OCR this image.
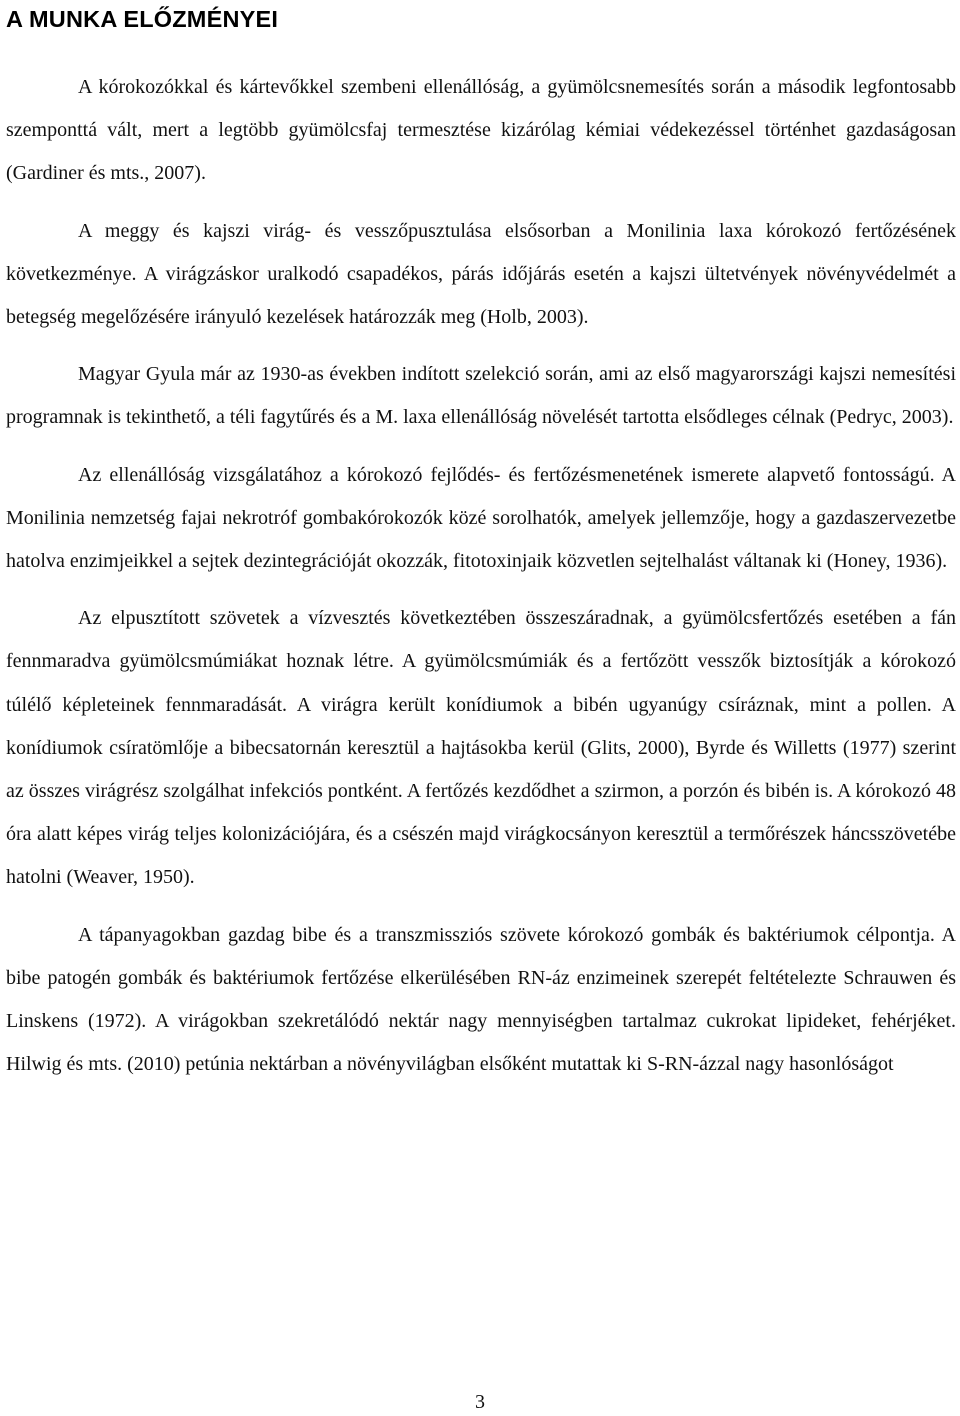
A MUNKA ELŐZMÉNYEI

A kórokozókkal és kártevőkkel szembeni ellenállóság, a gyümölcsnemesítés során a második legfontosabb szemponttá vált, mert a legtöbb gyümölcsfaj termesztése kizárólag kémiai védekezéssel történhet gazdaságosan (Gardiner és mts., 2007).

A meggy és kajszi virág- és vesszőpusztulása elsősorban a Monilinia laxa kórokozó fertőzésének következménye. A virágzáskor uralkodó csapadékos, párás időjárás esetén a kajszi ültetvények növényvédelmét a betegség megelőzésére irányuló kezelések határozzák meg (Holb, 2003).

Magyar Gyula már az 1930-as években indított szelekció során, ami az első magyarországi kajszi nemesítési programnak is tekinthető, a téli fagytűrés és a M. laxa ellenállóság növelését tartotta elsődleges célnak (Pedryc, 2003).

Az ellenállóság vizsgálatához a kórokozó fejlődés- és fertőzésmenetének ismerete alapvető fontosságú. A Monilinia nemzetség fajai nekrotróf gombakórokozók közé sorolhatók, amelyek jellemzője, hogy a gazdaszervezetbe hatolva enzimjeikkel a sejtek dezintegrációját okozzák, fitotoxinjaik közvetlen sejtelhalást váltanak ki (Honey, 1936).

Az elpusztított szövetek a vízvesztés következtében összeszáradnak, a gyümölcsfertőzés esetében a fán fennmaradva gyümölcsmúmiákat hoznak létre. A gyümölcsmúmiák és a fertőzött vesszők biztosítják a kórokozó túlélő képleteinek fennmaradását. A virágra került konídiumok a bibén ugyanúgy csíráznak, mint a pollen. A konídiumok csíratömlője a bibecsatornán keresztül a hajtásokba kerül (Glits, 2000), Byrde és Willetts (1977) szerint az összes virágrész szolgálhat infekciós pontként. A fertőzés kezdődhet a szirmon, a porzón és bibén is. A kórokozó 48 óra alatt képes virág teljes kolonizációjára, és a csészén majd virágkocsányon keresztül a termőrészek háncsszövetébe hatolni (Weaver, 1950).

A tápanyagokban gazdag bibe és a transzmissziós szövete kórokozó gombák és baktériumok célpontja. A bibe patogén gombák és baktériumok fertőzése elkerülésében RN-áz enzimeinek szerepét feltételezte Schrauwen és Linskens (1972). A virágokban szekretálódó nektár nagy mennyiségben tartalmaz cukrokat lipideket, fehérjéket. Hilwig és mts. (2010) petúnia nektárban a növényvilágban elsőként mutattak ki S-RN-ázzal nagy hasonlóságot

3
